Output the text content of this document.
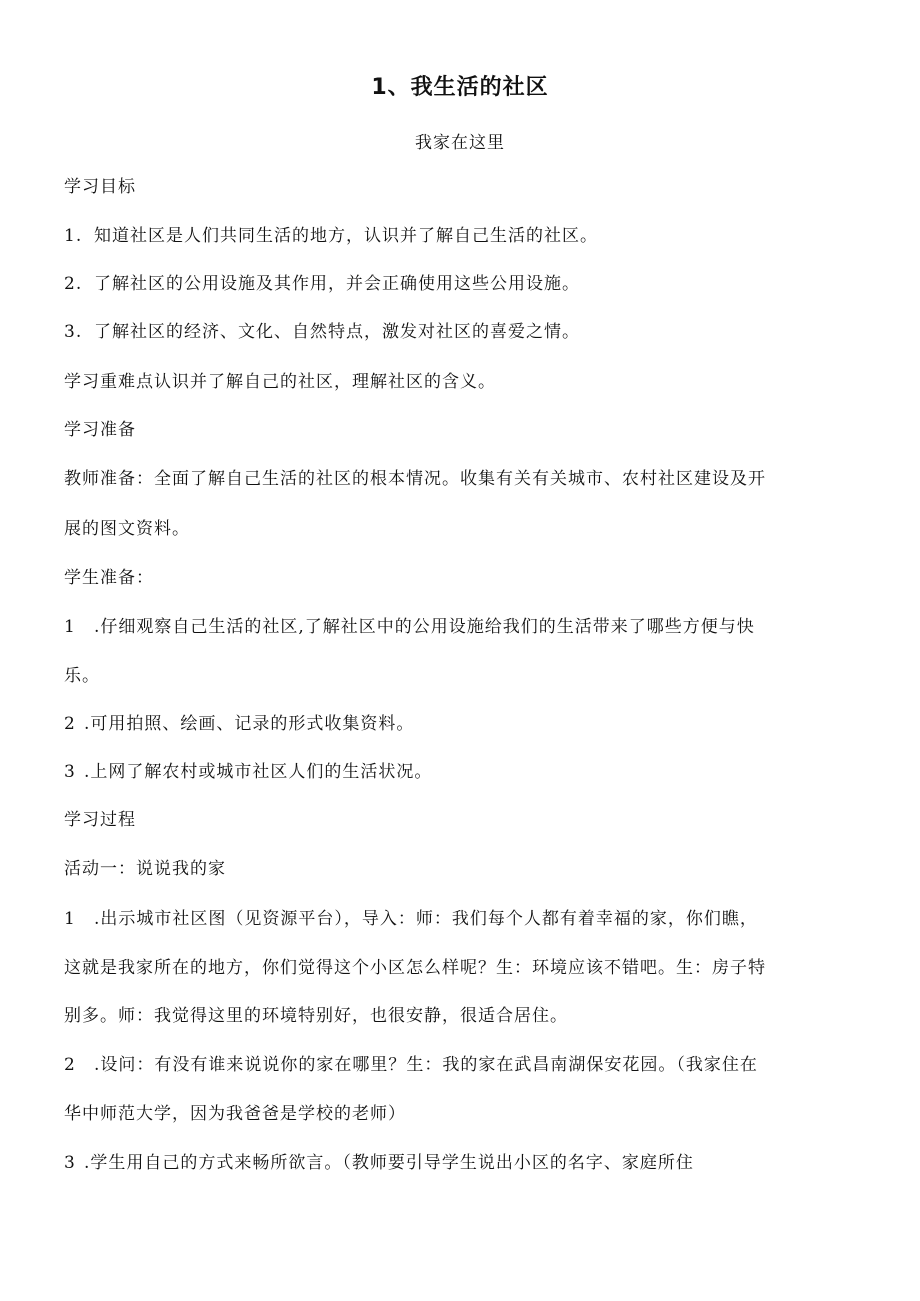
1、我生活的社区
我家在这里

学习目标

1. 知道社区是人们共同生活的地方，认识并了解自己生活的社区。

2. 了解社区的公用设施及其作用，并会正确使用这些公用设施。

3. 了解社区的经济、文化、自然特点，激发对社区的喜爱之情。

学习重难点认识并了解自己的社区，理解社区的含义。

学习准备

教师准备：全面了解自己生活的社区的根本情况。收集有关有关城市、农村社区建设及开

展的图文资料。

学生准备：

1 .仔细观察自己生活的社区,了解社区中的公用设施给我们的生活带来了哪些方便与快

乐。

2 .可用拍照、绘画、记录的形式收集资料。

3 .上网了解农村或城市社区人们的生活状况。

学习过程

活动一：说说我的家

1 .出示城市社区图（见资源平台），导入：师：我们每个人都有着幸福的家，你们瞧，

这就是我家所在的地方，你们觉得这个小区怎么样呢？生：环境应该不错吧。生：房子特

别多。师：我觉得这里的环境特别好，也很安静，很适合居住。

2 .设问：有没有谁来说说你的家在哪里？生：我的家在武昌南湖保安花园。（我家住在

华中师范大学，因为我爸爸是学校的老师）

3 .学生用自己的方式来畅所欲言。（教师要引导学生说出小区的名字、家庭所住
